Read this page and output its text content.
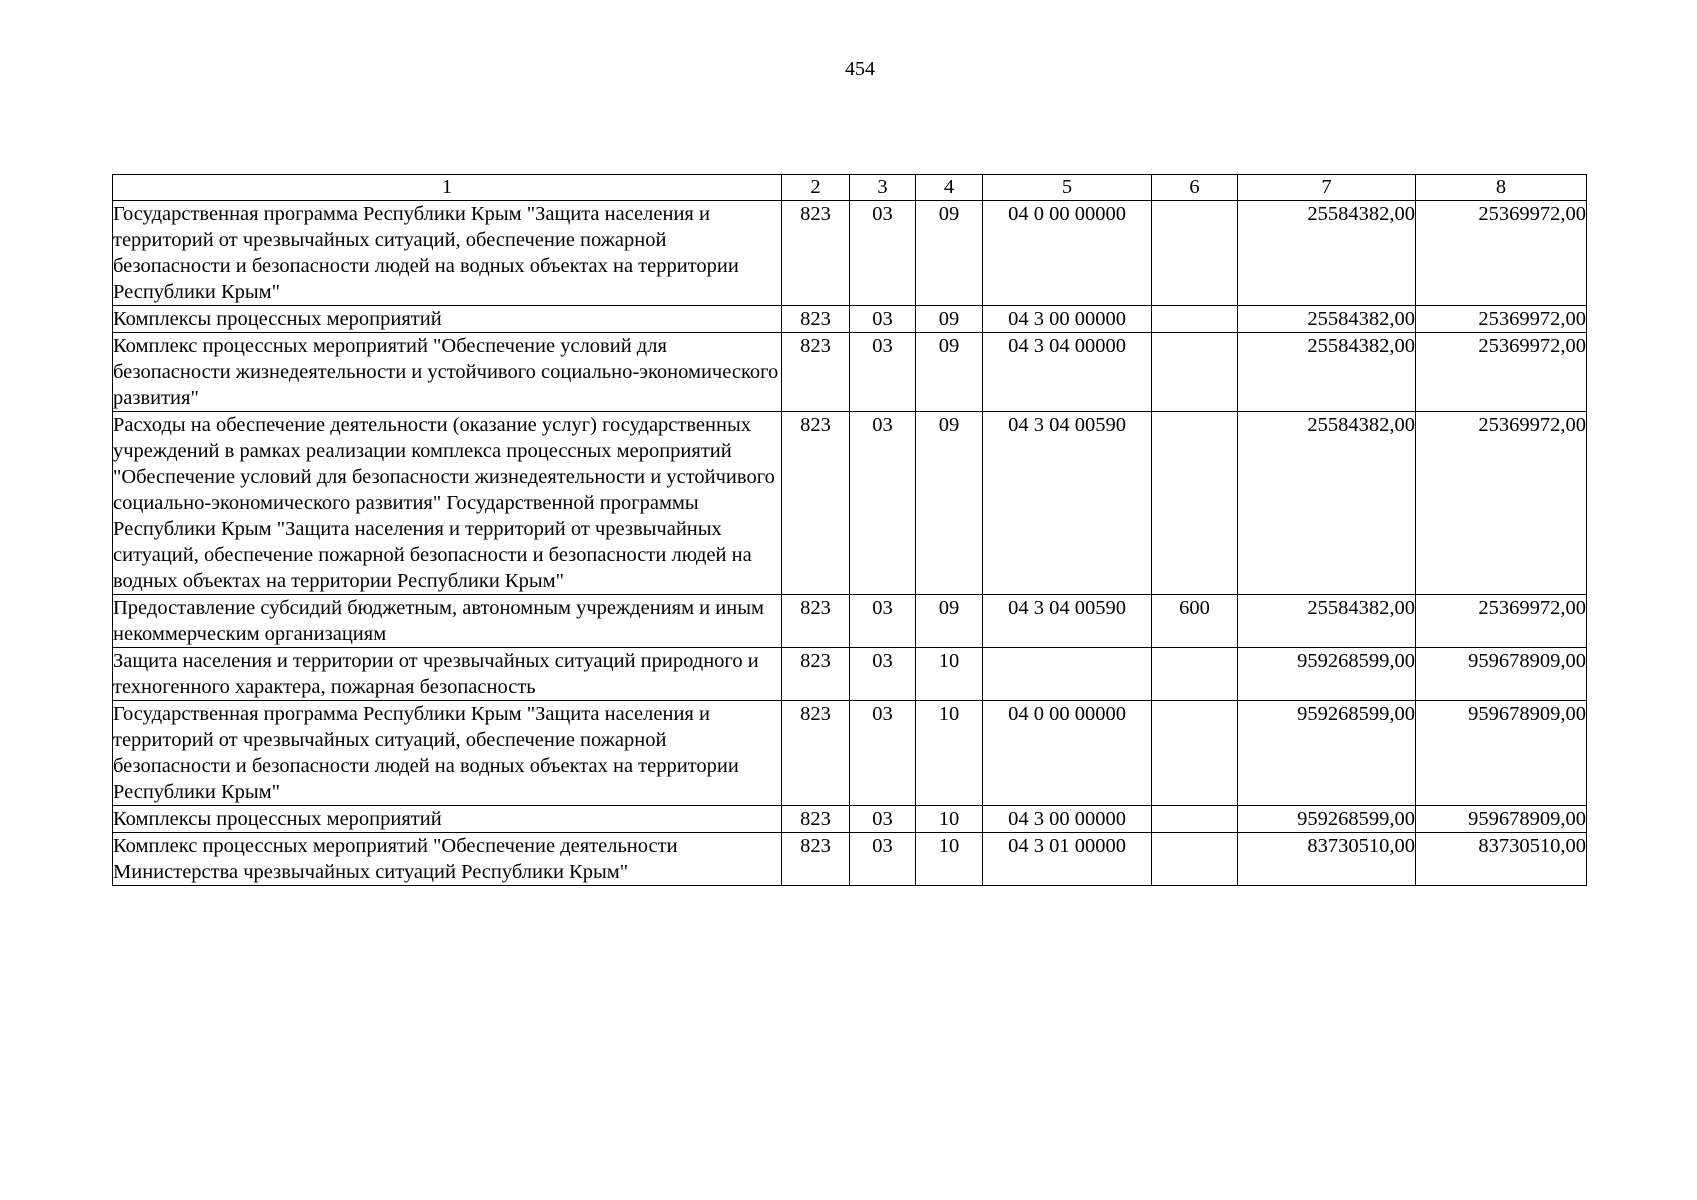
454
1	2	3	4	5	6	7	8
Государственная программа Республики Крым "Защита населения и территорий от чрезвычайных ситуаций, обеспечение пожарной безопасности и безопасности людей на водных объектах на территории Республики Крым"	823	03	09	04 0 00 00000		25584382,00	25369972,00
Комплексы процессных мероприятий	823	03	09	04 3 00 00000		25584382,00	25369972,00
Комплекс процессных мероприятий "Обеспечение условий для безопасности жизнедеятельности и устойчивого социально-экономического развития"	823	03	09	04 3 04 00000		25584382,00	25369972,00
Расходы на обеспечение деятельности (оказание услуг) государственных учреждений в рамках реализации комплекса процессных мероприятий "Обеспечение условий для безопасности жизнедеятельности и устойчивого социально-экономического развития" Государственной программы Республики Крым "Защита населения и территорий от чрезвычайных ситуаций, обеспечение пожарной безопасности и безопасности людей на водных объектах на территории Республики Крым"	823	03	09	04 3 04 00590		25584382,00	25369972,00
Предоставление субсидий бюджетным, автономным учреждениям и иным некоммерческим организациям	823	03	09	04 3 04 00590	600	25584382,00	25369972,00
Защита населения и территории от чрезвычайных ситуаций природного и техногенного характера, пожарная безопасность	823	03	10			959268599,00	959678909,00
Государственная программа Республики Крым "Защита населения и территорий от чрезвычайных ситуаций, обеспечение пожарной безопасности и безопасности людей на водных объектах на территории Республики Крым"	823	03	10	04 0 00 00000		959268599,00	959678909,00
Комплексы процессных мероприятий	823	03	10	04 3 00 00000		959268599,00	959678909,00
Комплекс процессных мероприятий "Обеспечение деятельности Министерства чрезвычайных ситуаций Республики Крым"	823	03	10	04 3 01 00000		83730510,00	83730510,00
